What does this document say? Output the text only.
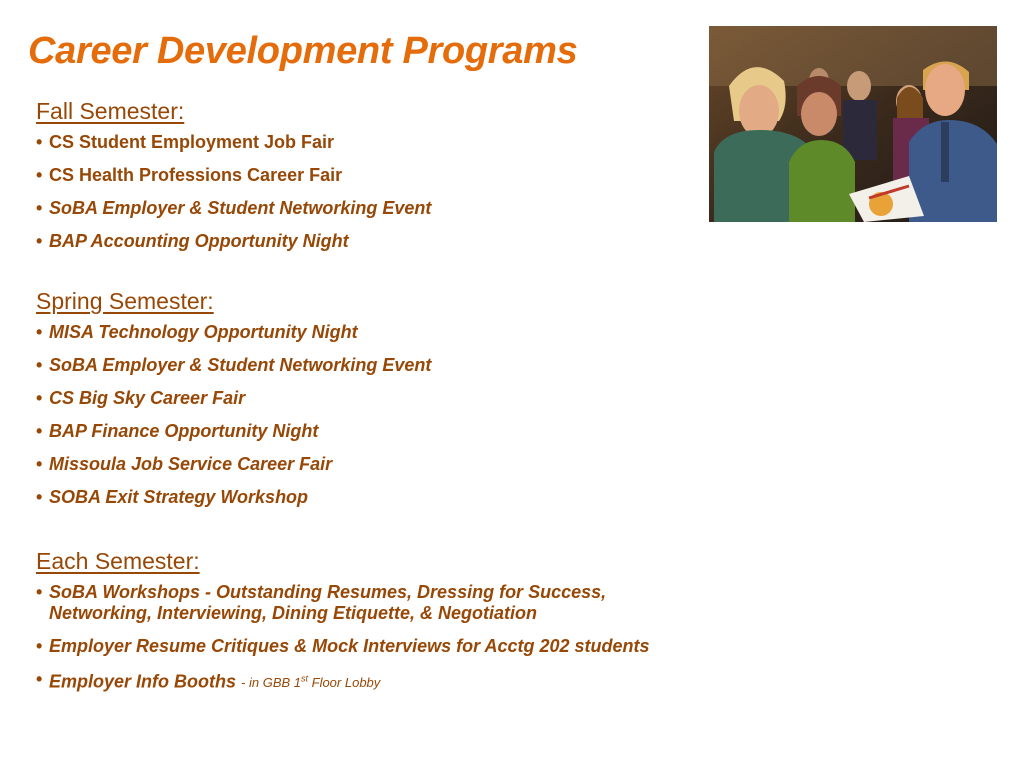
Career Development Programs
Fall Semester:
• CS Student Employment Job Fair
• CS Health Professions Career Fair
• SoBA Employer & Student Networking Event
• BAP Accounting Opportunity Night
Spring Semester:
• MISA Technology Opportunity Night
• SoBA Employer & Student Networking Event
• CS Big Sky Career Fair
• BAP Finance Opportunity Night
• Missoula Job Service Career Fair
• SOBA Exit Strategy Workshop
Each Semester:
• SoBA Workshops - Outstanding Resumes, Dressing for Success, Networking, Interviewing, Dining Etiquette, & Negotiation
• Employer Resume Critiques & Mock Interviews for Acctg 202 students
• Employer Info Booths - in GBB 1st Floor Lobby
